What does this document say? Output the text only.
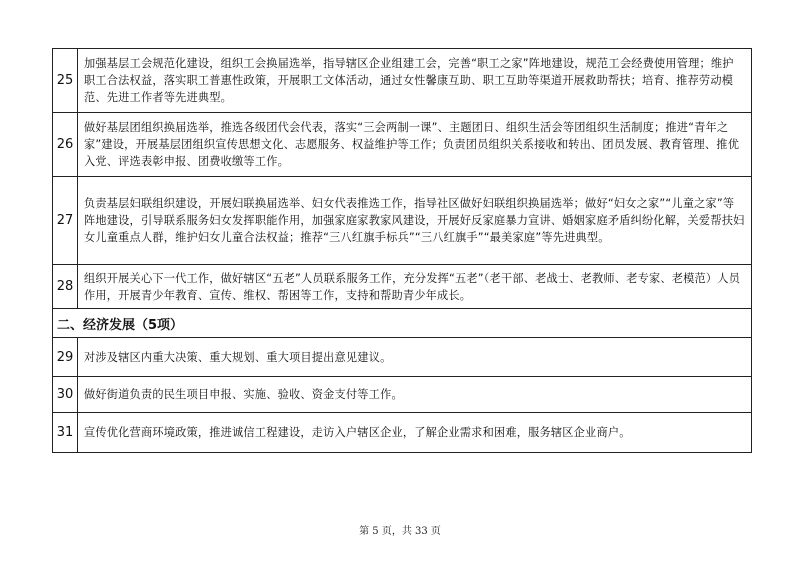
25	加强基层工会规范化建设，组织工会换届选举，指导辖区企业组建工会，完善“职工之家”阵地建设，规范工会经费使用管理；维护职工合法权益，落实职工普惠性政策，开展职工文体活动，通过女性馨康互助、职工互助等渠道开展救助帮扶；培育、推荐劳动模范、先进工作者等先进典型。
26	做好基层团组织换届选举，推选各级团代会代表，落实“三会两制一课”、主题团日、组织生活会等团组织生活制度；推进“青年之家”建设，开展基层团组织宣传思想文化、志愿服务、权益维护等工作；负责团员组织关系接收和转出、团员发展、教育管理、推优入党、评选表彰申报、团费收缴等工作。
27	负责基层妇联组织建设，开展妇联换届选举、妇女代表推选工作，指导社区做好妇联组织换届选举；做好“妇女之家”“儿童之家”等阵地建设，引导联系服务妇女发挥职能作用，加强家庭家教家风建设，开展好反家庭暴力宣讲、婚姻家庭矛盾纠纷化解，关爱帮扶妇女儿童重点人群，维护妇女儿童合法权益；推荐“三八红旗手标兵”“三八红旗手”“最美家庭”等先进典型。
28	组织开展关心下一代工作，做好辖区“五老”人员联系服务工作，充分发挥“五老”（老干部、老战士、老教师、老专家、老模范）人员作用，开展青少年教育、宣传、维权、帮困等工作，支持和帮助青少年成长。
二、经济发展（5项）	
29	对涉及辖区内重大决策、重大规划、重大项目提出意见建议。
30	做好街道负责的民生项目申报、实施、验收、资金支付等工作。
31	宣传优化营商环境政策，推进诚信工程建设，走访入户辖区企业，了解企业需求和困难，服务辖区企业商户。
第 5 页，共 33 页
